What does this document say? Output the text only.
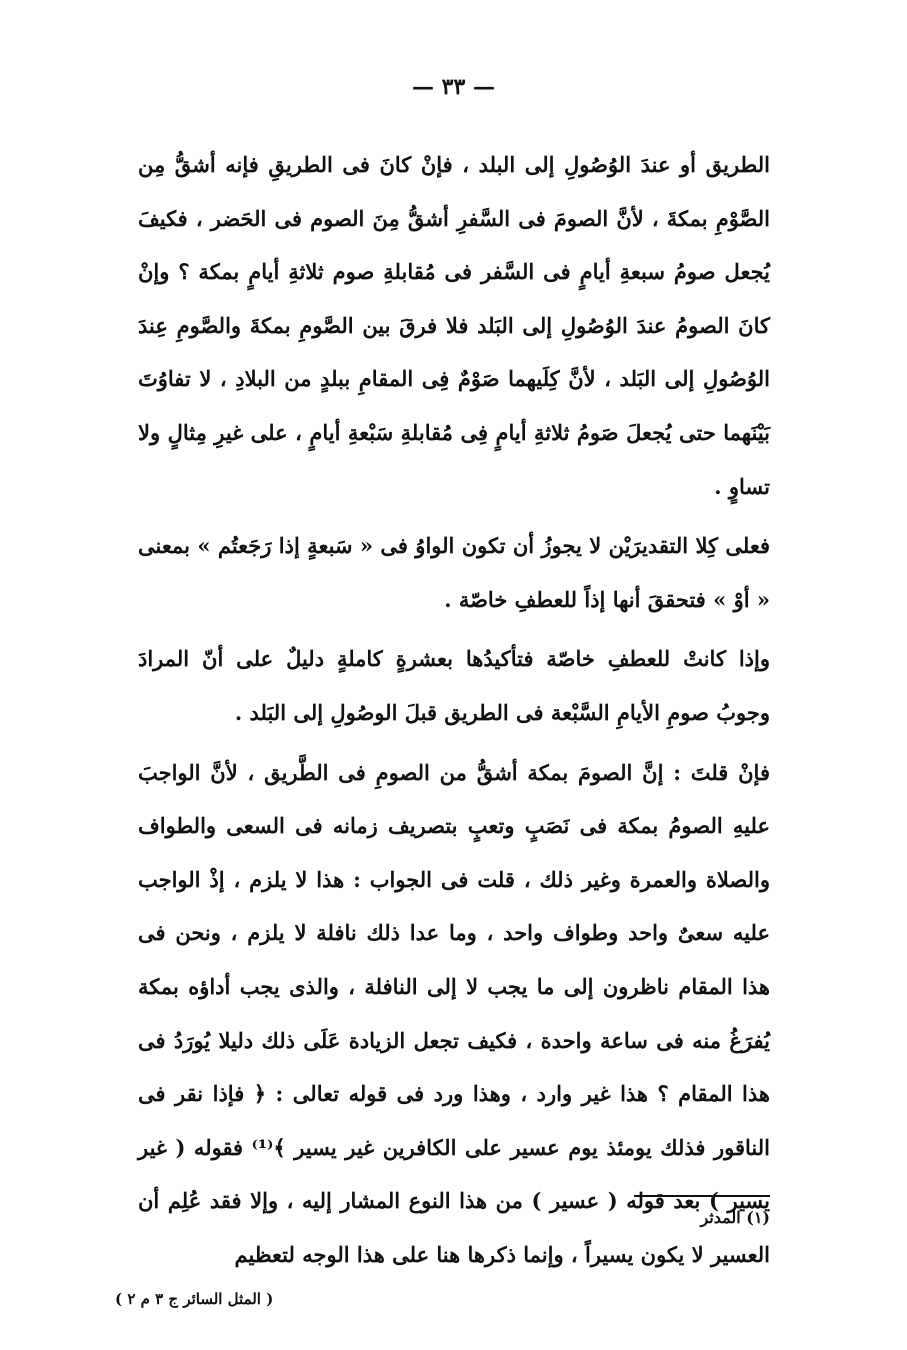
— ٣٣ —

الطريق أو عندَ الوُصُولِ إلى البلد ، فإنْ كانَ فى الطريقِ فإنه أشقُّ مِن الصَّوْمِ بمكةَ ، لأنَّ الصومَ فى السَّفرِ أشقُّ مِنَ الصوم فى الحَضر ، فكيفَ يُجعل صومُ سبعةِ أيامٍ فى السَّفر فى مُقابلةِ صوم ثلاثةِ أيامٍ بمكة ؟ وإنْ كانَ الصومُ عندَ الوُصُولِ إلى البَلد فلا فرقَ بين الصَّومِ بمكةَ والصَّومِ عِندَ الوُصُولِ إلى البَلد ، لأنَّ كِلَيهما صَوْمٌ فِى المقامِ ببلدٍ من البلادِ ، لا تفاوُتَ بَيْنَهما حتى يُجعلَ صَومُ ثلاثةِ أيامٍ فِى مُقابلةِ سَبْعةِ أيامٍ ، على غيرِ مِثالٍ ولا تساوٍ .

فعلى كِلا التقديرَيْن لا يجوزُ أن تكون الواوُ فى « سَبعةٍ إذا رَجَعتُم » بمعنى « أوْ » فتحققَ أنها إذاً للعطفِ خاصّة .

وإذا كانتْ للعطفِ خاصّة فتأكيدُها بعشرةٍ كاملةٍ دليلٌ على أنّ المرادَ وجوبُ صومِ الأيامِ السَّبْعة فى الطريق قبلَ الوصُولِ إلى البَلد .

فإنْ قلتَ : إنَّ الصومَ بمكة أشقُّ من الصومِ فى الطَّريق ، لأنَّ الواجبَ عليهِ الصومُ بمكة فى نَصَبٍ وتعبٍ بتصريف زمانه فى السعى والطواف والصلاة والعمرة وغير ذلك ، قلت فى الجواب : هذا لا يلزم ، إذْ الواجب عليه سعىٌ واحد وطواف واحد ، وما عدا ذلك نافلة لا يلزم ، ونحن فى هذا المقام ناظرون إلى ما يجب لا إلى النافلة ، والذى يجب أداؤه بمكة يُفرَغُ منه فى ساعة واحدة ، فكيف تجعل الزيادة عَلَى ذلك دليلا يُورَدُ فى هذا المقام ؟ هذا غير وارد ، وهذا ورد فى قوله تعالى : ﴿ فإذا نقر فى الناقور فذلك يومئذ يوم عسير على الكافرين غير يسير ﴾⁽¹⁾ فقوله ( غير يسير ) بعد قوله ( عسير ) من هذا النوع المشار إليه ، وإلا فقد عُلِم أن العسير لا يكون يسيراً ، وإنما ذكرها هنا على هذا الوجه لتعظيم

(١) المدثر
( المثل السائر ج ٣ م ٢ )
